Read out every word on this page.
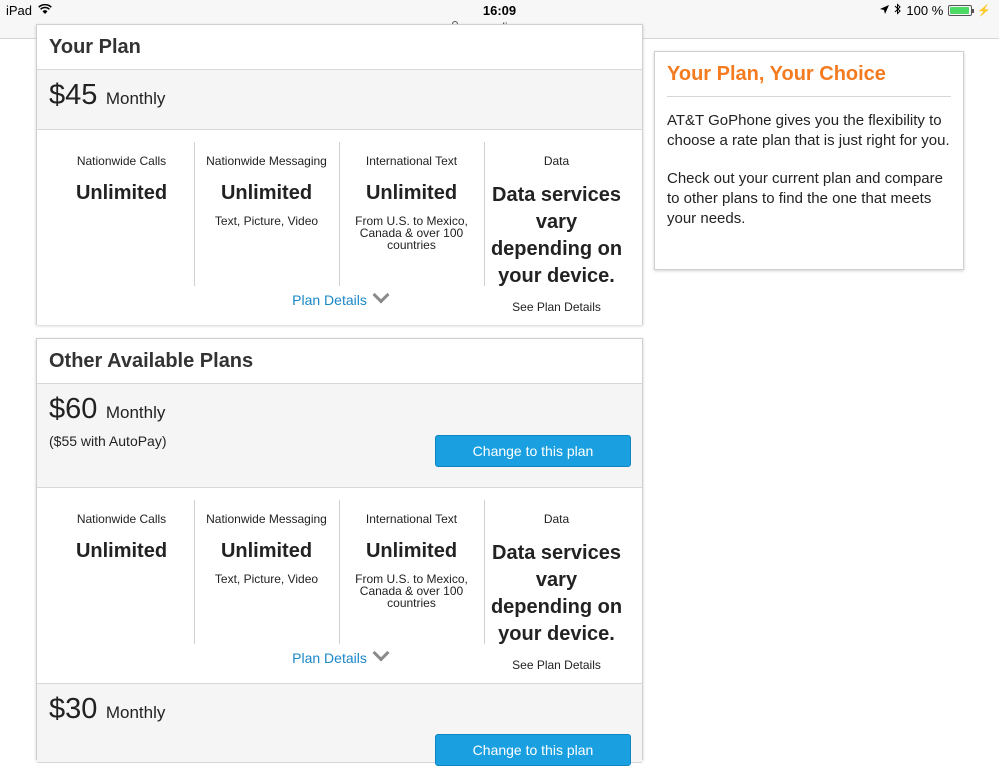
iPad	16:09	100 %	⚡
Your Plan
$45 Monthly
Nationwide Calls
Unlimited
Nationwide Messaging
Unlimited
Text, Picture, Video
International Text
Unlimited
From U.S. to Mexico, Canada & over 100 countries
Data
Data services vary depending on your device.
See Plan Details
Plan Details
Other Available Plans
$60 Monthly
($55 with AutoPay)
Change to this plan
Nationwide Calls
Unlimited
Nationwide Messaging
Unlimited
Text, Picture, Video
International Text
Unlimited
From U.S. to Mexico, Canada & over 100 countries
Data
Data services vary depending on your device.
See Plan Details
Plan Details
$30 Monthly
Change to this plan
Your Plan, Your Choice
AT&T GoPhone gives you the flexibility to choose a rate plan that is just right for you.
Check out your current plan and compare to other plans to find the one that meets your needs.
